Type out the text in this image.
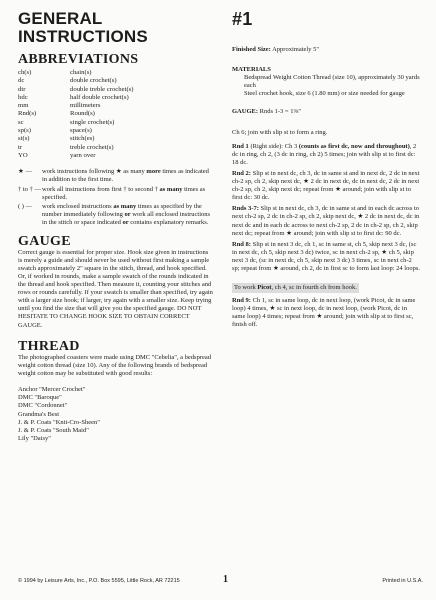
GENERAL
INSTRUCTIONS
ABBREVIATIONS
ch(s)	chain(s)
dc	double crochet(s)
dtr	double treble crochet(s)
hdc	half double crochet(s)
mm	millimeters
Rnd(s)	Round(s)
sc	single crochet(s)
sp(s)	space(s)
st(s)	stitch(es)
tr	treble crochet(s)
YO	yarn over
★ —	work instructions following ★ as many more times as indicated in addition to the first time.
† to † — work all instructions from first † to second † as many times as specified.
( ) —	work enclosed instructions as many times as specified by the number immediately following or work all enclosed instructions in the stitch or space indicated or contains explanatory remarks.
GAUGE

Correct gauge is essential for proper size. Hook size given in instructions is merely a guide and should never be used without first making a sample swatch approximately 2" square in the stitch, thread, and hook specified. Or, if worked in rounds, make a sample swatch of the rounds indicated in the thread and hook specified. Then measure it, counting your stitches and rows or rounds carefully. If your swatch is smaller than specified, try again with a larger size hook; if larger, try again with a smaller size. Keep trying until you find the size that will give you the specified gauge. DO NOT HESITATE TO CHANGE HOOK SIZE TO OBTAIN CORRECT GAUGE.

THREAD

The photographed coasters were made using DMC "Cebelia", a bedspread weight cotton thread (size 10). Any of the following brands of bedspread weight cotton may be substituted with good results:

Anchor "Mercer Crochet"
DMC "Baroque"
DMC "Cordonnet"
Grandma's Best
J. & P. Coats "Knit-Cro-Sheen"
J. & P. Coats "South Maid"
Lily "Daisy"
#1

Finished Size: Approximately 5"

MATERIALS

Bedspread Weight Cotton Thread (size 10), approximately 30 yards each
Steel crochet hook, size 6 (1.80 mm) or size needed for gauge

GAUGE: Rnds 1-3 = 1⅜"

Ch 6; join with slip st to form a ring.

Rnd 1 (Right side): Ch 3 (counts as first dc, now and throughout), 2 dc in ring, ch 2, (3 dc in ring, ch 2) 5 times; join with slip st to first dc: 18 dc.

Rnd 2: Slip st in next dc, ch 3, dc in same st and in next dc, 2 dc in next ch-2 sp, ch 2, skip next dc, ★ 2 dc in next dc, dc in next dc, 2 dc in next ch-2 sp, ch 2, skip next dc; repeat from ★ around; join with slip st to first dc: 30 dc.

Rnds 3-7: Slip st in next dc, ch 3, dc in same st and in each dc across to next ch-2 sp, 2 dc in ch-2 sp, ch 2, skip next dc, ★ 2 dc in next dc, dc in next dc and in each dc across to next ch-2 sp, 2 dc in ch-2 sp, ch 2, skip next dc; repeat from ★ around; join with slip st to first dc: 90 dc.

Rnd 8: Slip st in next 3 dc, ch 1, sc in same st, ch 5, skip next 3 dc, (sc in next dc, ch 5, skip next 3 dc) twice, sc in next ch-2 sp, ★ ch 5, skip next 3 dc, (sc in next dc, ch 5, skip next 3 dc) 3 times, sc in next ch-2 sp; repeat from ★ around, ch 2, dc in first sc to form last loop: 24 loops.

To work Picot, ch 4, sc in fourth ch from hook.

Rnd 9: Ch 1, sc in same loop, dc in next loop, (work Picot, dc in same loop) 4 times, ★ sc in next loop, dc in next loop, (work Picot, dc in same loop) 4 times; repeat from ★ around; join with slip st to first sc, finish off.

© 1994 by Leisure Arts, Inc., P.O. Box 5595, Little Rock, AR 72215	1	Printed in U.S.A.
